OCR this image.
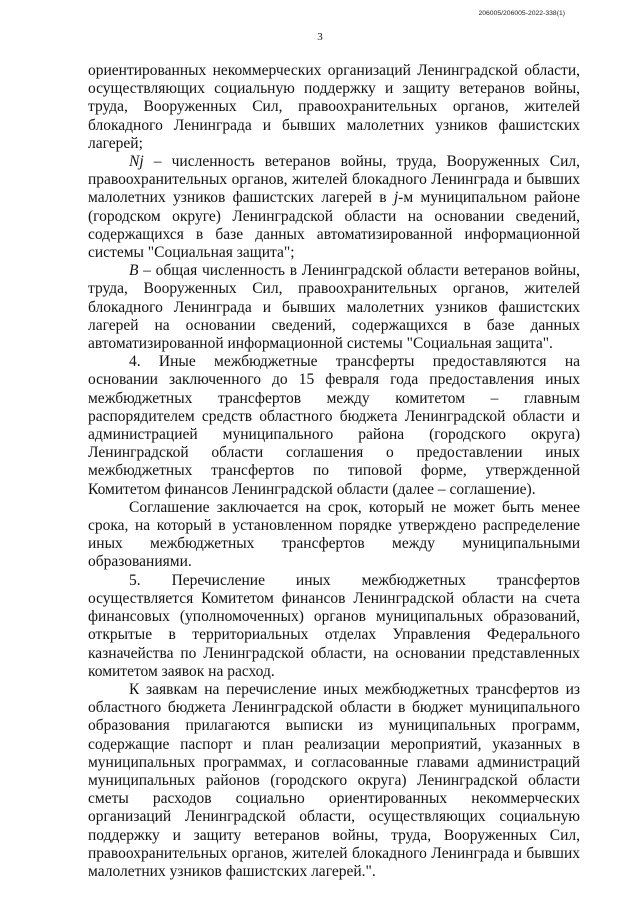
206005/206005-2022-338(1)
3

ориентированных некоммерческих организаций Ленинградской области, осуществляющих социальную поддержку и защиту ветеранов войны, труда, Вооруженных Сил, правоохранительных органов, жителей блокадного Ленинграда и бывших малолетних узников фашистских лагерей;

Nj – численность ветеранов войны, труда, Вооруженных Сил, правоохранительных органов, жителей блокадного Ленинграда и бывших малолетних узников фашистских лагерей в j-м муниципальном районе (городском округе) Ленинградской области на основании сведений, содержащихся в базе данных автоматизированной информационной системы "Социальная защита";

B – общая численность в Ленинградской области ветеранов войны, труда, Вооруженных Сил, правоохранительных органов, жителей блокадного Ленинграда и бывших малолетних узников фашистских лагерей на основании сведений, содержащихся в базе данных автоматизированной информационной системы "Социальная защита".

4. Иные межбюджетные трансферты предоставляются на основании заключенного до 15 февраля года предоставления иных межбюджетных трансфертов между комитетом – главным распорядителем средств областного бюджета Ленинградской области и администрацией муниципального района (городского округа) Ленинградской области соглашения о предоставлении иных межбюджетных трансфертов по типовой форме, утвержденной Комитетом финансов Ленинградской области (далее – соглашение).

Соглашение заключается на срок, который не может быть менее срока, на который в установленном порядке утверждено распределение иных межбюджетных трансфертов между муниципальными образованиями.

5. Перечисление иных межбюджетных трансфертов осуществляется Комитетом финансов Ленинградской области на счета финансовых (уполномоченных) органов муниципальных образований, открытые в территориальных отделах Управления Федерального казначейства по Ленинградской области, на основании представленных комитетом заявок на расход.

К заявкам на перечисление иных межбюджетных трансфертов из областного бюджета Ленинградской области в бюджет муниципального образования прилагаются выписки из муниципальных программ, содержащие паспорт и план реализации мероприятий, указанных в муниципальных программах, и согласованные главами администраций муниципальных районов (городского округа) Ленинградской области сметы расходов социально ориентированных некоммерческих организаций Ленинградской области, осуществляющих социальную поддержку и защиту ветеранов войны, труда, Вооруженных Сил, правоохранительных органов, жителей блокадного Ленинграда и бывших малолетних узников фашистских лагерей.".
